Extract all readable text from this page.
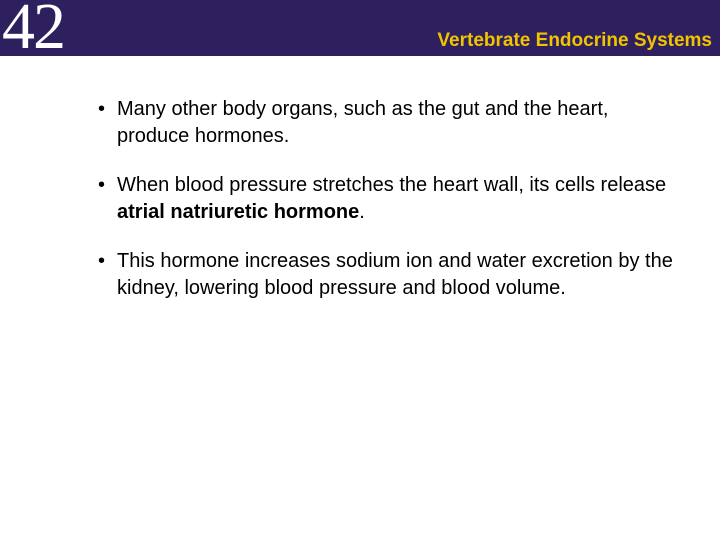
42	Vertebrate Endocrine Systems
• Many other body organs, such as the gut and the heart, produce hormones.
• When blood pressure stretches the heart wall, its cells release atrial natriuretic hormone.
• This hormone increases sodium ion and water excretion by the kidney, lowering blood pressure and blood volume.
